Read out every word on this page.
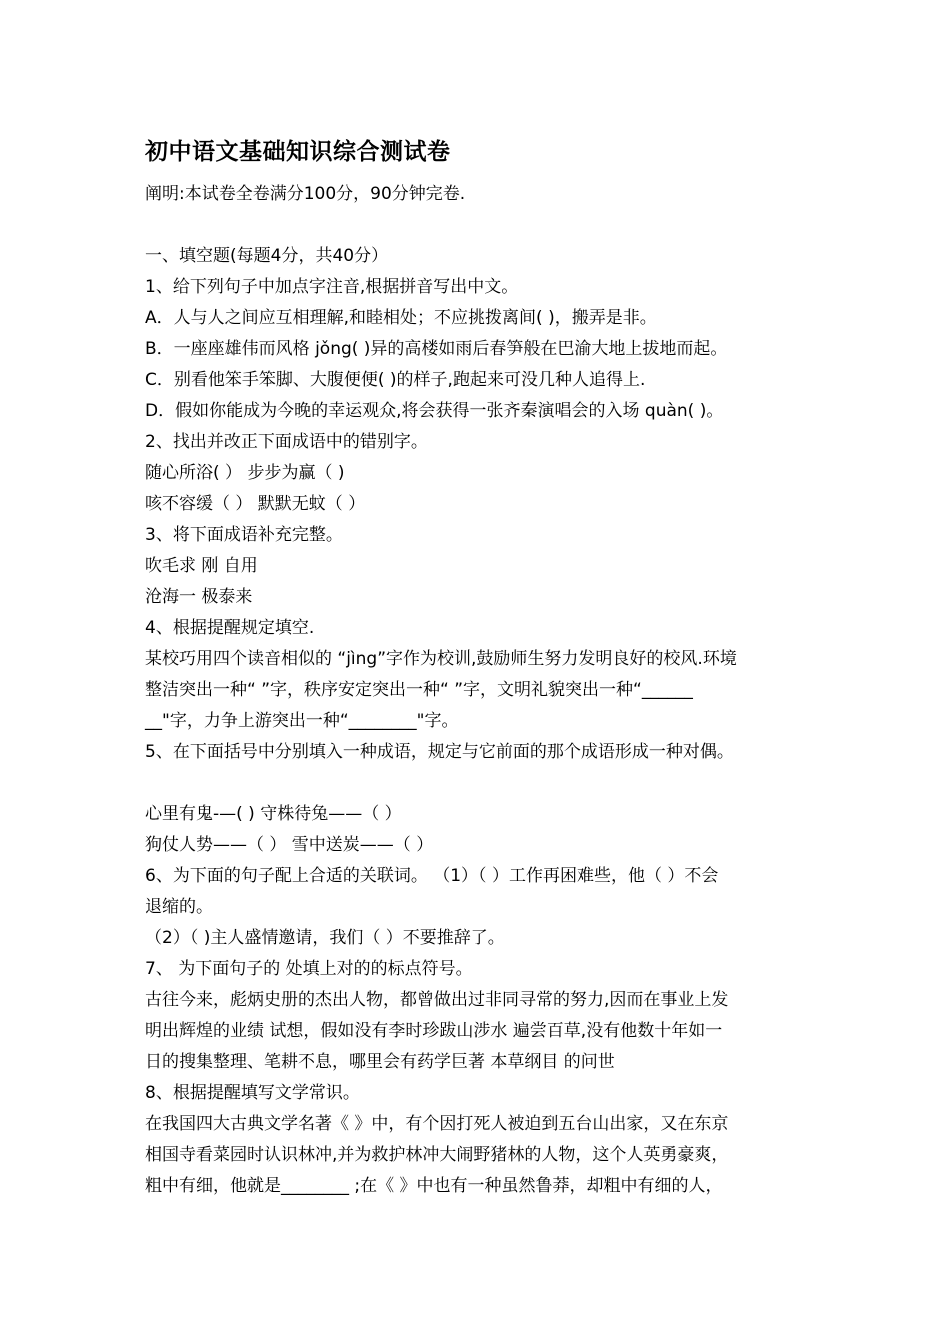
初中语文基础知识综合测试卷
阐明:本试卷全卷满分100分，90分钟完卷.
一、填空题(每题4分，共40分）
1、给下列句子中加点字注音,根据拼音写出中文。
A．人与人之间应互相理解,和睦相处；不应挑拨离间( )，搬弄是非。
B．一座座雄伟而风格 jǒng( )异的高楼如雨后春笋般在巴渝大地上拔地而起。
C．别看他笨手笨脚、大腹便便( )的样子,跑起来可没几种人追得上.
D．假如你能成为今晚的幸运观众,将会获得一张齐秦演唱会的入场 quàn( )。
2、找出并改正下面成语中的错别字。
随心所浴( ） 步步为赢（ )
咳不容缓（ ） 默默无蚊（ ）
3、将下面成语补充完整。
吹毛求 刚 自用
沧海一 极泰来
4、根据提醒规定填空.
某校巧用四个读音相似的 “jìng”字作为校训,鼓励师生努力发明良好的校风.环境
整洁突出一种“ ”字，秩序安定突出一种“ ”字，文明礼貌突出一种“______
__"字，力争上游突出一种“________"字。
5、在下面括号中分别填入一种成语，规定与它前面的那个成语形成一种对偶。
心里有鬼-—( ) 守株待兔——（ ）
狗仗人势——（ ） 雪中送炭——（ ）
6、为下面的句子配上合适的关联词。 （1）（ ）工作再困难些，他（ ）不会
退缩的。
（2）（ )主人盛情邀请，我们（ ）不要推辞了。
7、 为下面句子的 处填上对的的标点符号。
古往今来，彪炳史册的杰出人物，都曾做出过非同寻常的努力,因而在事业上发
明出辉煌的业绩 试想，假如没有李时珍跋山涉水 遍尝百草,没有他数十年如一
日的搜集整理、笔耕不息，哪里会有药学巨著 本草纲目 的问世
8、根据提醒填写文学常识。
在我国四大古典文学名著《 》中，有个因打死人被迫到五台山出家，又在东京
相国寺看菜园时认识林冲,并为救护林冲大闹野猪林的人物，这个人英勇豪爽，
粗中有细，他就是________ ;在《 》中也有一种虽然鲁莽，却粗中有细的人，
